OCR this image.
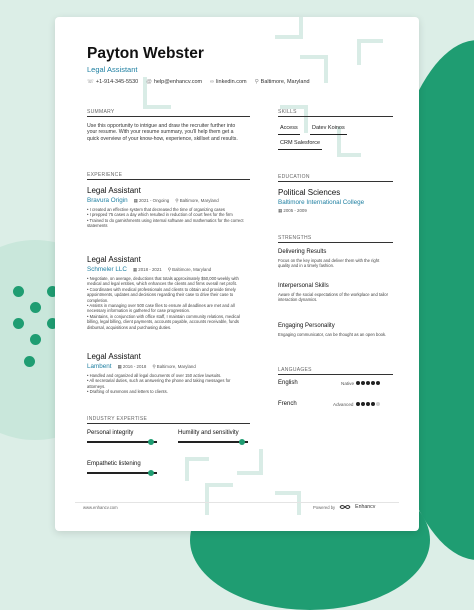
Payton Webster
Legal Assistant
☏ +1-914-345-5530 @ help@enhancv.com ∞ linkedin.com ⚲ Baltimore, Maryland
SUMMARY
Use this opportunity to intrigue and draw the recruiter further into your resume. With your resume summary, you'll help them get a quick overview of your know-how, experience, skillset and results.
EXPERIENCE
Legal Assistant
Bravura Origin ▦ 2021 - Ongoing ⚲ Baltimore, Maryland
• I created an effective system that decreased the time of organizing cases
• I prepped 75 cases a day which resulted in reduction of court fees for the firm
• Trained to do garnishments using internal software and mathematics for the correct statements
Legal Assistant
Schmeler LLC ▦ 2018 - 2021 ⚲ Baltimore, Maryland
• Negotiate, on average, deductions that totals approximately $50,000 weekly with medical and legal entities, which enhances the clients and firms overall net profit.
• Coordinates with medical professionals and clients to obtain and provide timely appointments, updates and decisions regarding their case to drive their case to completion.
• Assists in managing over 500 case files to ensure all deadlines are met and all necessary information is gathered for case progression.
• Maintains, in conjunction with office staff, I maintain community relations, medical billing, legal billing, client payments, accounts payable, accounts receivable, funds disbursal, acquisitions and purchasing duties.
Legal Assistant
Lambent ▦ 2016 - 2018 ⚲ Baltimore, Maryland
• Handled and organized all legal documents of over 150 active lawsuits.
• All secretarial duties, such as answering the phone and taking messages for attorneys.
• Drafting of summons and letters to clients.
INDUSTRY EXPERTISE
Personal integrity	Humility and sensitivity
Empathetic listening
SKILLS
Access	Datev Koinos
CRM Salesforce
EDUCATION
Political Sciences
Baltimore International College
▦ 2005 - 2009
STRENGTHS
Delivering Results
Focus on the key inputs and deliver them with the right quality and in a timely fashion.
Interpersonal Skills
Aware of the social expectations of the workplace and tailor interaction dynamics.
Engaging Personality
Engaging communicator, can be thought as an open book.
LANGUAGES
English	Native
French	Advanced
www.enhancv.com	Powered by	Enhancv
